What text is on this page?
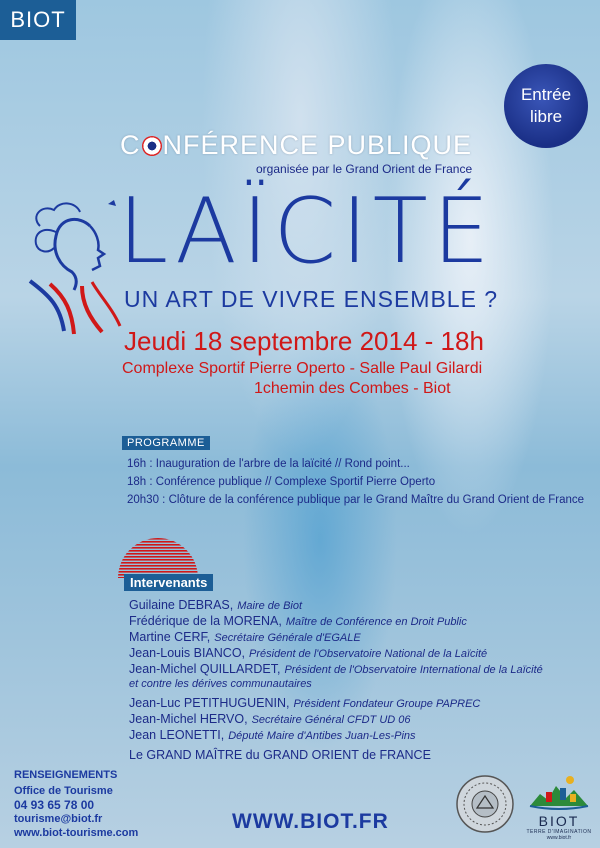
BIOT
Entrée
libre
C NFÉRENCE PUBLIQUE
organisée par le Grand Orient de France
LAÏCITÉ
UN ART DE VIVRE ENSEMBLE ?
Jeudi 18 septembre 2014 - 18h
Complexe Sportif Pierre Operto - Salle Paul Gilardi
1chemin des Combes - Biot
PROGRAMME
16h : Inauguration de l'arbre de la laïcité // Rond point...
18h : Conférence publique // Complexe Sportif Pierre Operto
20h30 : Clôture de la conférence publique par le Grand Maître du Grand Orient de France
Intervenants
Guilaine DEBRAS, Maire de Biot
Frédérique de la MORENA, Maître de Conférence en Droit Public
Martine CERF, Secrétaire Générale d'EGALE
Jean-Louis BIANCO, Président de l'Observatoire National de la Laïcité
Jean-Michel QUILLARDET, Président de l'Observatoire International de la Laïcité
et contre les dérives communautaires
Jean-Luc PETITHUGUENIN, Président Fondateur Groupe PAPREC
Jean-Michel HERVO, Secrétaire Général CFDT UD 06
Jean LEONETTI, Député Maire d'Antibes Juan-Les-Pins
Le GRAND MAÎTRE du GRAND ORIENT de FRANCE
RENSEIGNEMENTS
Office de Tourisme
04 93 65 78 00
tourisme@biot.fr
www.biot-tourisme.com	WWW.BIOT.FR	BIOT
TERRE D'IMAGINATION
www.biot.fr
